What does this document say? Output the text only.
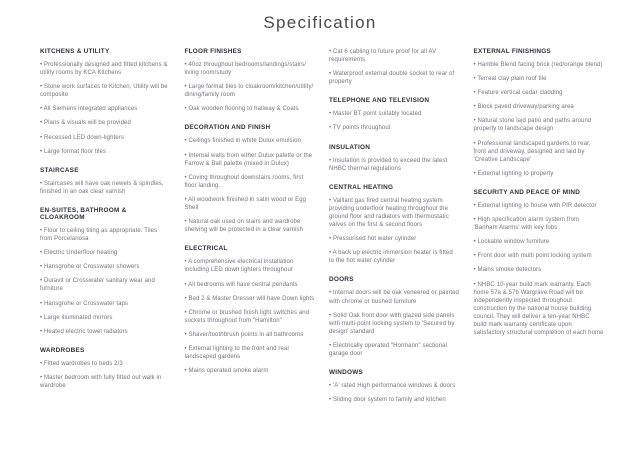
Specification
KITCHENS & UTILITY

• Professionally designed and fitted kitchens & utility rooms by KCA Kitchens

• Stone work surfaces to Kitchen, Utility will be composite

• All Siemens integrated appliances

• Plans & visuals will be provided

• Recessed LED down-lighters

• Large format floor tiles

STAIRCASE

• Staircases will have oak newels & spindles, finished in an oak clear varnish

EN-SUITES, BATHROOM & CLOAKROOM

• Floor to ceiling tiling as appropriate. Tiles from Porcelanosa

• Electric Underfloor heating

• Hansgrohe or Crosswater showers

• Duravit or Crosswater sanitary wear and furniture

• Hansgrohe or Crosswater taps

• Large illuminated mirrors

• Heated electric towel radiators

WARDROBES

• Fitted wardrobes to beds 2/3

• Master bedroom with fully fitted out walk in wardrobe

FLOOR FINISHES

• 40oz throughout bedrooms/landings/stairs/ living room/study

• Large format tiles to cloakroom/kitchen/utility/ dining/family room

• Oak wooden flooring to hallway & Coats

DECORATION AND FINISH

• Ceilings finished in white Dulux emulsion

• Internal walls from either Dulux palette or the Farrow & Ball palette (mixed in Dulux)

• Coving throughout downstairs rooms, first floor landing.

• All woodwork finished in satin wood or Egg Shell

• Natural oak used on stairs and wardrobe shelving will be protected in a clear varnish

ELECTRICAL

• A comprehensive electrical installation including LED down lighters throughout

• All bedrooms will have central pendants

• Bed 2 & Master Dresser will have Down lights

• Chrome or brushed finish light switches and sockets throughout from "Hamilton"

• Shaver/toothbrush points in all bathrooms

• External lighting to the front and rear landscaped gardens

• Mains operated smoke alarm

• Cat 6 cabling to future proof for all AV requirements

• Waterproof external double socket to rear of property

TELEPHONE AND TELEVISION

• Master BT point suitably located

• TV points throughout

INSULATION

• Insulation is provided to exceed the latest NHBC thermal regulations

CENTRAL HEATING

• Vaillant gas fired central heating system providing underfloor heating throughout the ground floor and radiators with thermostatic valves on the first & second floors

• Pressurised hot water cylinder

• A back up electric immersion heater is fitted to the hot water cylinder

DOORS

• Internal doors will be oak veneered or painted with chrome or bushed furniture

• Solid Oak front door with glazed side panels with multi-point locking system to 'Secured by design' standard

• Electrically operated "Hormann" sectional garage door

WINDOWS

• 'A' rated High performance windows & doors

• Sliding door system to family and kitchen

EXTERNAL FINISHINGS

• Hamble Blend facing brick (red/orange blend)

• Terreal clay plain roof tile

• Feature vertical cedar cladding

• Block paved driveway/parking area

• Natural stone laid patio and paths around property to landscape design

• Professional landscaped gardens to rear, front and driveway, designed and laid by 'Creative Landscape'

• External lighting to property

SECURITY AND PEACE OF MIND

• External lighting to house with PIR detector

• High specification alarm system from 'Banham Alarms' with key fobs

• Lockable window furniture

• Front door with multi point locking system

• Mains smoke detectors

• NHBC 10-year build mark warranty. Each home 57a & 57b Wargrave Road will be independently inspected throughout construction by the national house building council. They will deliver a ten-year NHBC build mark warranty certificate upon satisfactory structural completion of each home
